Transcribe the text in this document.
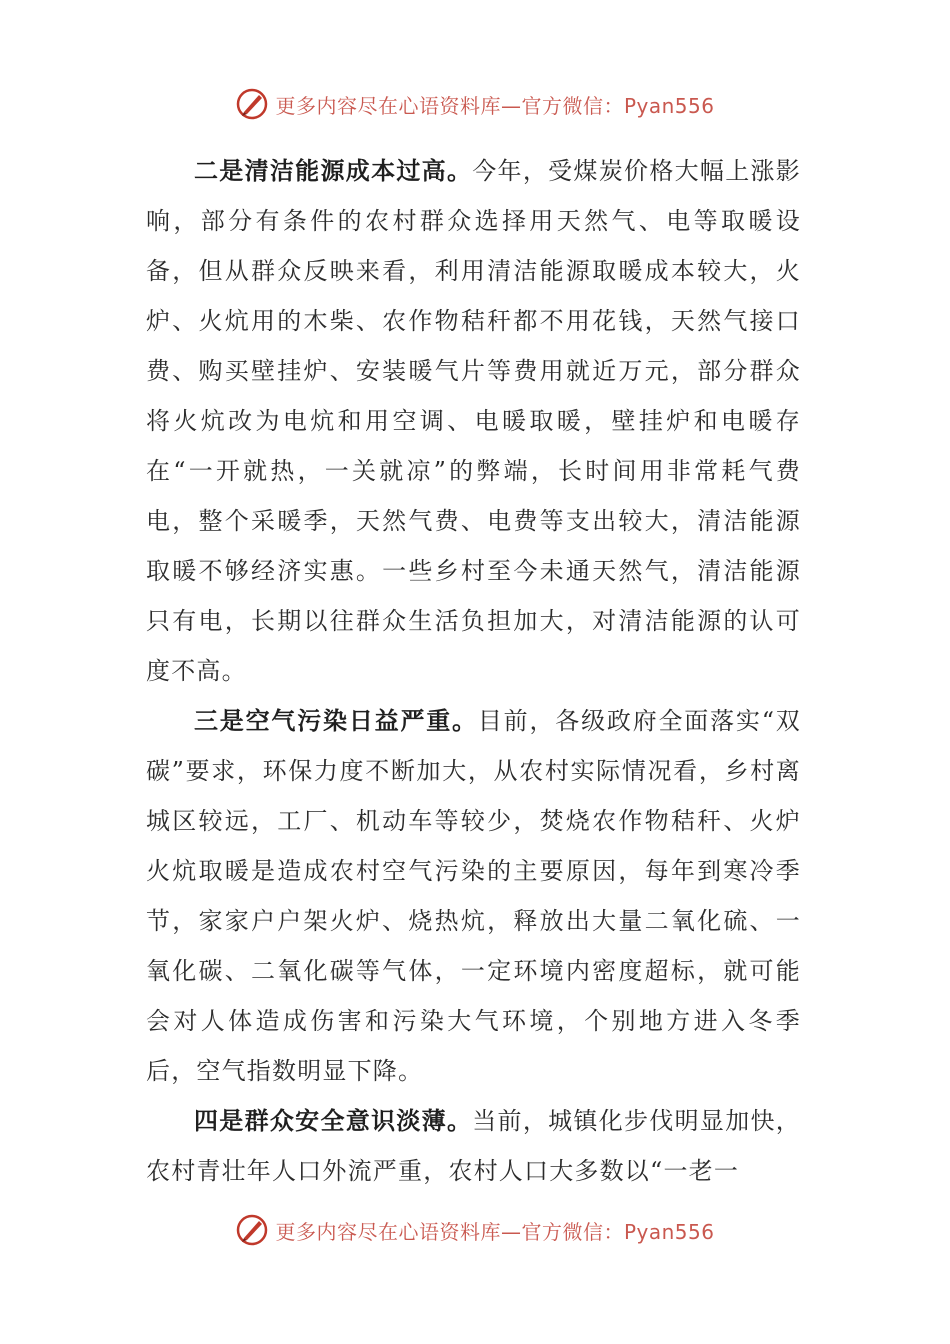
更多内容尽在心语资料库—官方微信：Pyan556

二是清洁能源成本过高。今年，受煤炭价格大幅上涨影响，部分有条件的农村群众选择用天然气、电等取暖设备，但从群众反映来看，利用清洁能源取暖成本较大，火炉、火炕用的木柴、农作物秸秆都不用花钱，天然气接口费、购买壁挂炉、安装暖气片等费用就近万元，部分群众将火炕改为电炕和用空调、电暖取暖，壁挂炉和电暖存在“一开就热，一关就凉”的弊端，长时间用非常耗气费电，整个采暖季，天然气费、电费等支出较大，清洁能源取暖不够经济实惠。一些乡村至今未通天然气，清洁能源只有电，长期以往群众生活负担加大，对清洁能源的认可度不高。

三是空气污染日益严重。目前，各级政府全面落实“双碳”要求，环保力度不断加大，从农村实际情况看，乡村离城区较远，工厂、机动车等较少，焚烧农作物秸秆、火炉火炕取暖是造成农村空气污染的主要原因，每年到寒冷季节，家家户户架火炉、烧热炕，释放出大量二氧化硫、一氧化碳、二氧化碳等气体，一定环境内密度超标，就可能会对人体造成伤害和污染大气环境，个别地方进入冬季后，空气指数明显下降。

四是群众安全意识淡薄。当前，城镇化步伐明显加快，农村青壮年人口外流严重，农村人口大多数以“一老一

更多内容尽在心语资料库—官方微信：Pyan556
